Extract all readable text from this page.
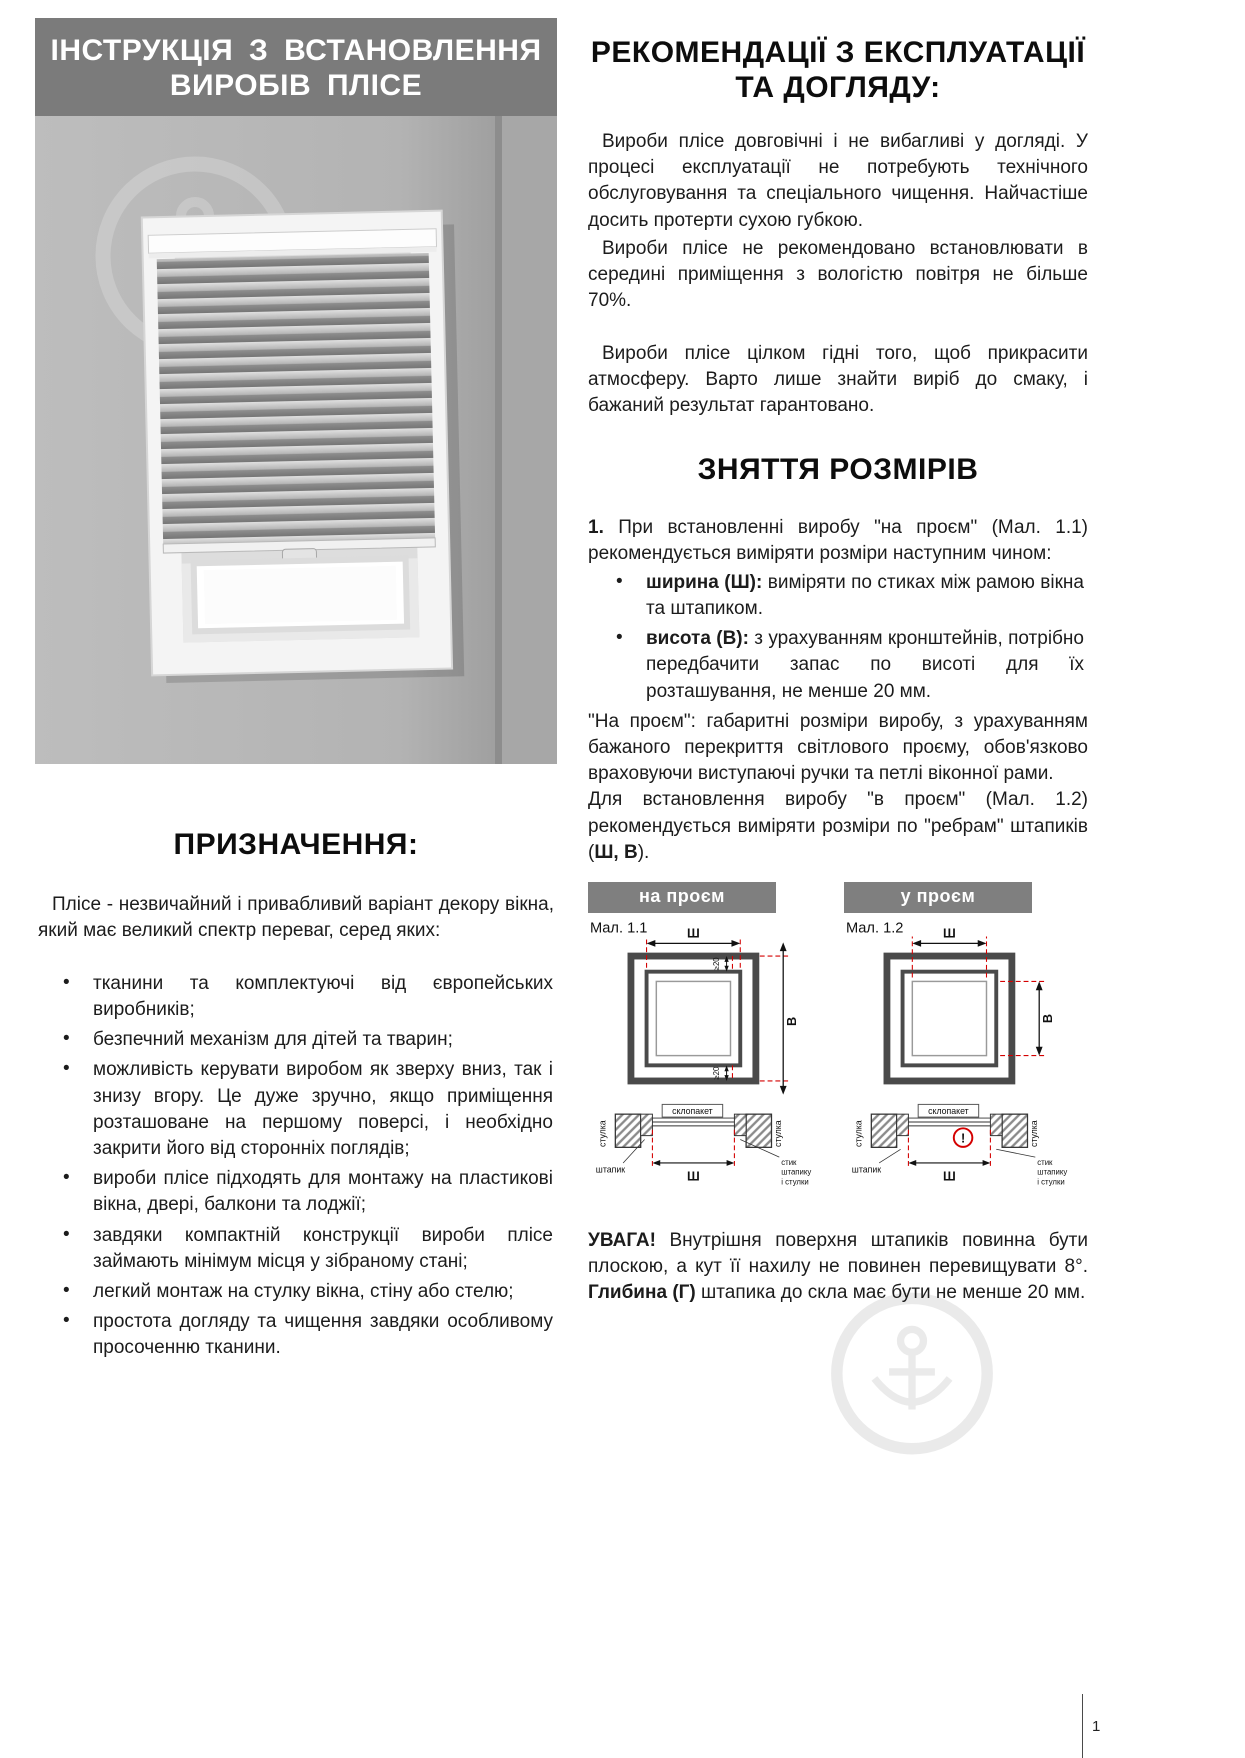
ІНСТРУКЦІЯ З ВСТАНОВЛЕННЯ
ВИРОБІВ ПЛІСЕ
ПРИЗНАЧЕННЯ:

Плісе - незвичайний і привабливий варіант декору вікна, який має великий спектр переваг, серед яких:

• тканини та комплектуючі від європейських виробників;
• безпечний механізм для дітей та тварин;
• можливість керувати виробом як зверху вниз, так і знизу вгору. Це дуже зручно, якщо приміщення розташоване на першому поверсі, і необхідно закрити його від сторонніх поглядів;
• вироби плісе підходять для монтажу на пластикові вікна, двері, балкони та лоджії;
• завдяки компактній конструкції вироби плісе займають мінімум місця у зібраному стані;
• легкий монтаж на стулку вікна, стіну або стелю;
• простота догляду та чищення завдяки особливому просоченню тканини.
РЕКОМЕНДАЦІЇ З ЕКСПЛУАТАЦІЇ
ТА ДОГЛЯДУ:

Вироби плісе довговічні і не вибагливі у догляді. У процесі експлуатації не потребують технічного обслуговування та спеціального чищення. Найчастіше досить протерти сухою губкою.

Вироби плісе не рекомендовано встановлювати в середині приміщення з вологістю повітря не більше 70%.

Вироби плісе цілком гідні того, щоб прикрасити атмосферу. Варто лише знайти виріб до смаку, і бажаний результат гарантовано.

ЗНЯТТЯ РОЗМІРІВ

1. При встановленні виробу "на проєм" (Мал. 1.1) рекомендується виміряти розміри наступним чином:

• ширина (Ш): виміряти по стиках між рамою вікна та штапиком.
• висота (В): з урахуванням кронштейнів, потрібно передбачити запас по висоті для їх розташування, не менше 20 мм.

"На проєм": габаритні розміри виробу, з урахуванням бажаного перекриття світлового проєму, обов'язково враховуючи виступаючі ручки та петлі віконної рами.

Для встановлення виробу "в проєм" (Мал. 1.2) рекомендується виміряти розміри по "ребрам" штапиків (Ш, В).

на проєм
Мал. 1.1	Ш
В
≥20
≥20
склопакет
стулка	стулка
штапик	Ш
стик
штапику
і стулки
у проєм
Мал. 1.2	Ш
В
склопакет
стулка	стулка
!
штапик	Ш
стик
штапику
і стулки

УВАГА! Внутрішня поверхня штапиків повинна бути плоскою, а кут її нахилу не повинен перевищувати 8°. Глибина (Г) штапика до скла має бути не менше 20 мм.

1
